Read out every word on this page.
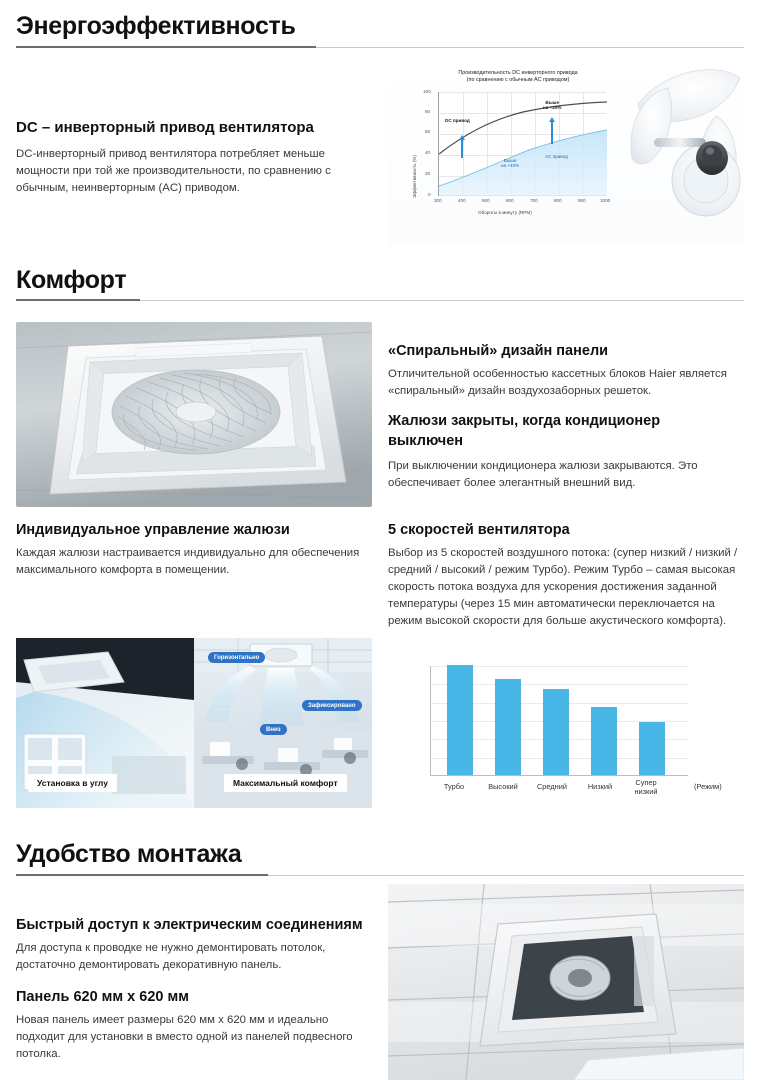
Энергоэффективность
DC – инверторный привод вентилятора
DC-инверторный привод вентилятора потребляет меньше мощности при той же производительности, по сравнению с обычным, неинверторным (AC) приводом.
Производительность DC инверторного привода
(по сравнению с обычным AC приводом)
Эффективность (%)
100
80
60
40
20
0
DC привод
Выше
на +40%
AC привод
Выше
на +20%
300	400	500	600	700	800	900	1000
Обороты в минуту (RPM)
Комфорт
«Спиральный» дизайн панели
Отличительной особенностью кассетных блоков Haier является «спиральный» дизайн воздухозаборных решеток.
Жалюзи закрыты, когда кондиционер выключен
При выключении кондиционера жалюзи закрываются. Это обеспечивает более элегантный внешний вид.
Индивидуальное управление жалюзи
Каждая жалюзи настраивается индивидуально для обеспечения максимального комфорта в помещении.
5 скоростей вентилятора
Выбор из 5 скоростей воздушного потока: (супер низкий / низкий / средний / высокий / режим Турбо). Режим Турбо – самая высокая скорость потока воздуха для ускорения достижения заданной температуры (через 15 мин автоматически переключается на режим высокой скорости для больше акустического комфорта).
Установка в углу
Горизонтально
Зафиксировано
Вниз
Настраиваемое
положение
Максимальный комфорт	Турбо	Высокий	Средний	Низкий	Супер
низкий
(Режим)
Удобство монтажа
Быстрый доступ к электрическим соединениям
Для доступа к проводке не нужно демонтировать потолок, достаточно демонтировать декоративную панель.
Панель 620 мм х 620 мм
Новая панель имеет размеры 620 мм х 620 мм и идеально подходит для установки в вместо одной из панелей подвесного потолка.
